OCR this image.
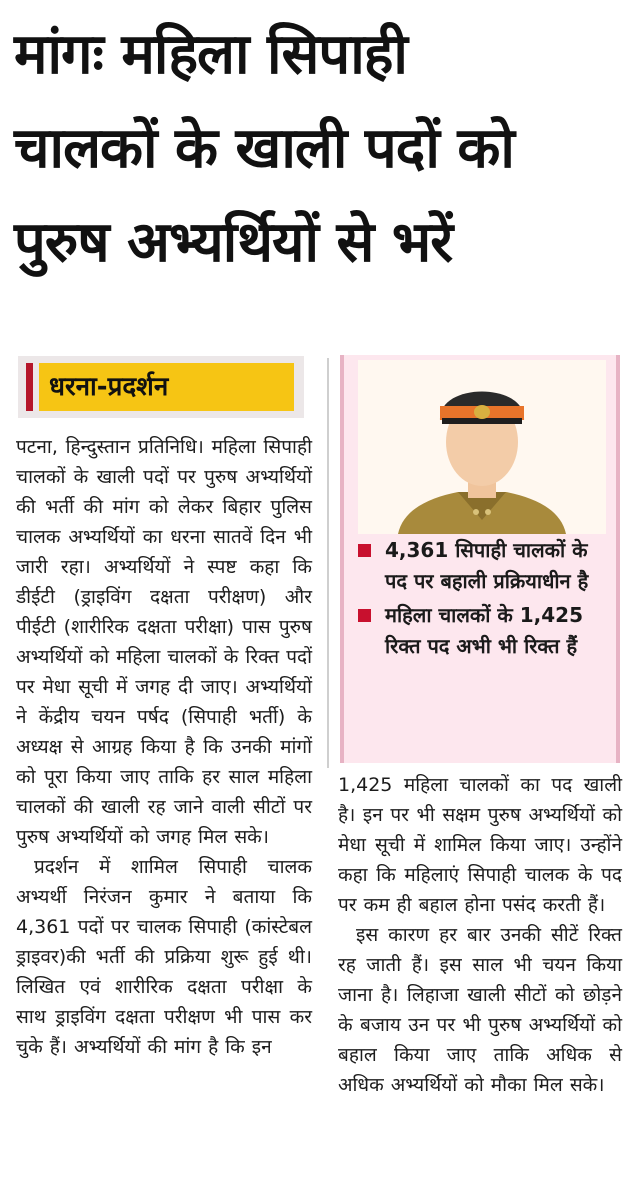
मांगः महिला सिपाही
चालकों के खाली पदों को
पुरुष अभ्यर्थियों से भरें
धरना-प्रदर्शन

पटना, हिन्दुस्तान प्रतिनिधि। महिला सिपाही चालकों के खाली पदों पर पुरुष अभ्यर्थियों की भर्ती की मांग को लेकर बिहार पुलिस चालक अभ्यर्थियों का धरना सातवें दिन भी जारी रहा। अभ्यर्थियों ने स्पष्ट कहा कि डीईटी (ड्राइविंग दक्षता परीक्षण) और पीईटी (शारीरिक दक्षता परीक्षा) पास पुरुष अभ्यर्थियों को महिला चालकों के रिक्त पदों पर मेधा सूची में जगह दी जाए। अभ्यर्थियों ने केंद्रीय चयन पर्षद (सिपाही भर्ती) के अध्यक्ष से आग्रह किया है कि उनकी मांगों को पूरा किया जाए ताकि हर साल महिला चालकों की खाली रह जाने वाली सीटों पर पुरुष अभ्यर्थियों को जगह मिल सके।

प्रदर्शन में शामिल सिपाही चालक अभ्यर्थी निरंजन कुमार ने बताया कि 4,361 पदों पर चालक सिपाही (कांस्टेबल ड्राइवर)की भर्ती की प्रक्रिया शुरू हुई थी। लिखित एवं शारीरिक दक्षता परीक्षा के साथ ड्राइविंग दक्षता परीक्षण भी पास कर चुके हैं। अभ्यर्थियों की मांग है कि इन

4,361 सिपाही चालकों के पद पर बहाली प्रक्रियाधीन है
महिला चालकों के 1,425 रिक्त पद अभी भी रिक्त हैं

1,425 महिला चालकों का पद खाली है। इन पर भी सक्षम पुरुष अभ्यर्थियों को मेधा सूची में शामिल किया जाए। उन्होंने कहा कि महिलाएं सिपाही चालक के पद पर कम ही बहाल होना पसंद करती हैं।

इस कारण हर बार उनकी सीटें रिक्त रह जाती हैं। इस साल भी चयन किया जाना है। लिहाजा खाली सीटों को छोड़ने के बजाय उन पर भी पुरुष अभ्यर्थियों को बहाल किया जाए ताकि अधिक से अधिक अभ्यर्थियों को मौका मिल सके।
